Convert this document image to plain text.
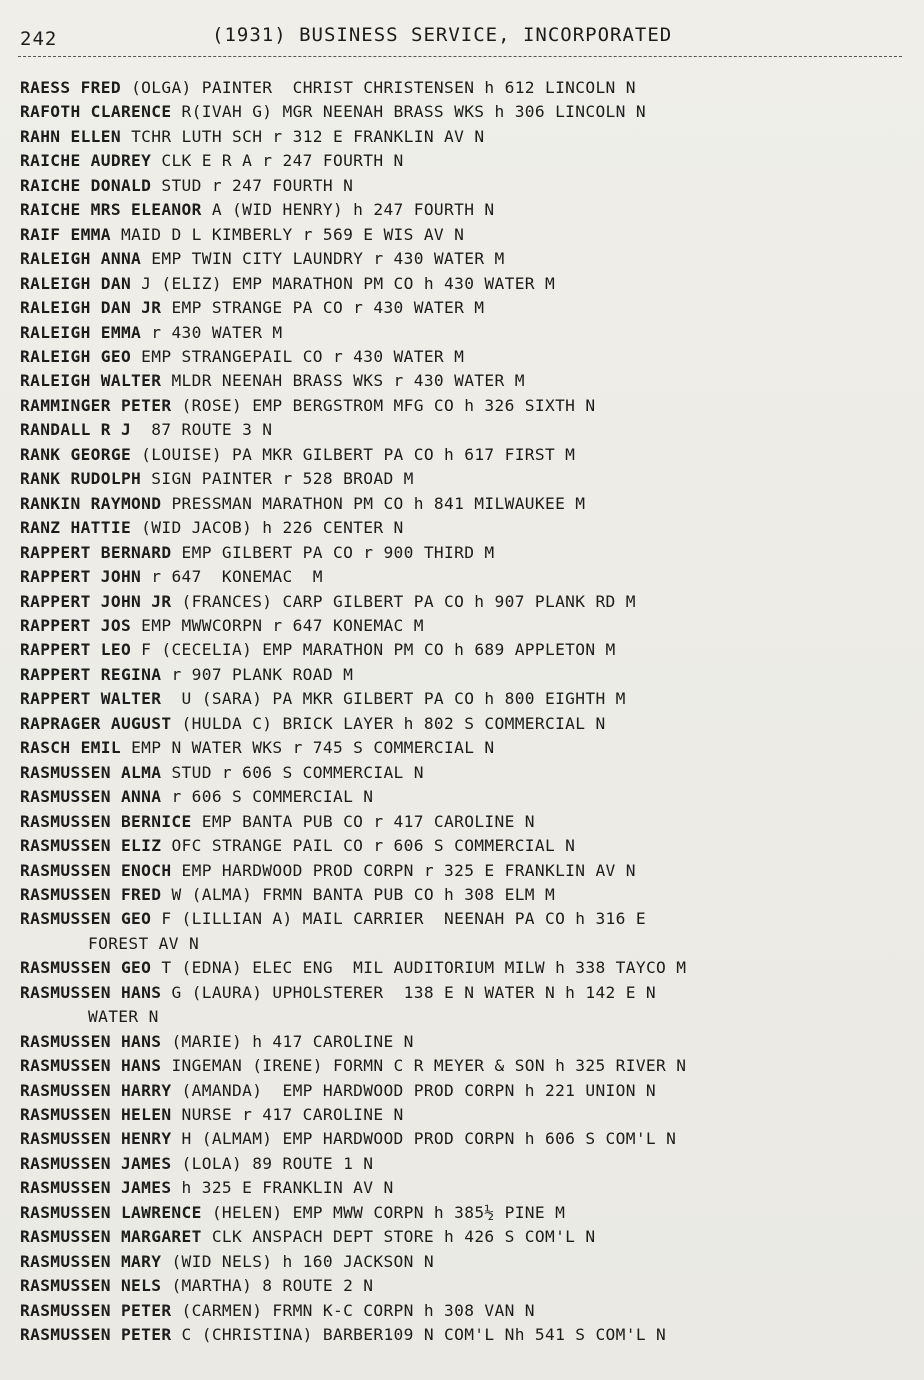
242	(1931) BUSINESS SERVICE, INCORPORATED
RAESS FRED (OLGA) PAINTER  CHRIST CHRISTENSEN h 612 LINCOLN N
RAFOTH CLARENCE R(IVAH G) MGR NEENAH BRASS WKS h 306 LINCOLN N
RAHN ELLEN TCHR LUTH SCH r 312 E FRANKLIN AV N
RAICHE AUDREY CLK E R A r 247 FOURTH N
RAICHE DONALD STUD r 247 FOURTH N
RAICHE MRS ELEANOR A (WID HENRY) h 247 FOURTH N
RAIF EMMA MAID D L KIMBERLY r 569 E WIS AV N
RALEIGH ANNA EMP TWIN CITY LAUNDRY r 430 WATER M
RALEIGH DAN J (ELIZ) EMP MARATHON PM CO h 430 WATER M
RALEIGH DAN JR EMP STRANGE PA CO r 430 WATER M
RALEIGH EMMA r 430 WATER M
RALEIGH GEO EMP STRANGEPAIL CO r 430 WATER M
RALEIGH WALTER MLDR NEENAH BRASS WKS r 430 WATER M
RAMMINGER PETER (ROSE) EMP BERGSTROM MFG CO h 326 SIXTH N
RANDALL R J  87 ROUTE 3 N
RANK GEORGE (LOUISE) PA MKR GILBERT PA CO h 617 FIRST M
RANK RUDOLPH SIGN PAINTER r 528 BROAD M
RANKIN RAYMOND PRESSMAN MARATHON PM CO h 841 MILWAUKEE M
RANZ HATTIE (WID JACOB) h 226 CENTER N
RAPPERT BERNARD EMP GILBERT PA CO r 900 THIRD M
RAPPERT JOHN r 647  KONEMAC  M
RAPPERT JOHN JR (FRANCES) CARP GILBERT PA CO h 907 PLANK RD M
RAPPERT JOS EMP MWWCORPN r 647 KONEMAC M
RAPPERT LEO F (CECELIA) EMP MARATHON PM CO h 689 APPLETON M
RAPPERT REGINA r 907 PLANK ROAD M
RAPPERT WALTER  U (SARA) PA MKR GILBERT PA CO h 800 EIGHTH M
RAPRAGER AUGUST (HULDA C) BRICK LAYER h 802 S COMMERCIAL N
RASCH EMIL EMP N WATER WKS r 745 S COMMERCIAL N
RASMUSSEN ALMA STUD r 606 S COMMERCIAL N
RASMUSSEN ANNA r 606 S COMMERCIAL N
RASMUSSEN BERNICE EMP BANTA PUB CO r 417 CAROLINE N
RASMUSSEN ELIZ OFC STRANGE PAIL CO r 606 S COMMERCIAL N
RASMUSSEN ENOCH EMP HARDWOOD PROD CORPN r 325 E FRANKLIN AV N
RASMUSSEN FRED W (ALMA) FRMN BANTA PUB CO h 308 ELM M
RASMUSSEN GEO F (LILLIAN A) MAIL CARRIER  NEENAH PA CO h 316 E
FOREST AV N
RASMUSSEN GEO T (EDNA) ELEC ENG  MIL AUDITORIUM MILW h 338 TAYCO M
RASMUSSEN HANS G (LAURA) UPHOLSTERER  138 E N WATER N h 142 E N
WATER N
RASMUSSEN HANS (MARIE) h 417 CAROLINE N
RASMUSSEN HANS INGEMAN (IRENE) FORMN C R MEYER & SON h 325 RIVER N
RASMUSSEN HARRY (AMANDA)  EMP HARDWOOD PROD CORPN h 221 UNION N
RASMUSSEN HELEN NURSE r 417 CAROLINE N
RASMUSSEN HENRY H (ALMAM) EMP HARDWOOD PROD CORPN h 606 S COM'L N
RASMUSSEN JAMES (LOLA) 89 ROUTE 1 N
RASMUSSEN JAMES h 325 E FRANKLIN AV N
RASMUSSEN LAWRENCE (HELEN) EMP MWW CORPN h 385½ PINE M
RASMUSSEN MARGARET CLK ANSPACH DEPT STORE h 426 S COM'L N
RASMUSSEN MARY (WID NELS) h 160 JACKSON N
RASMUSSEN NELS (MARTHA) 8 ROUTE 2 N
RASMUSSEN PETER (CARMEN) FRMN K-C CORPN h 308 VAN N
RASMUSSEN PETER C (CHRISTINA) BARBER109 N COM'L Nh 541 S COM'L N
